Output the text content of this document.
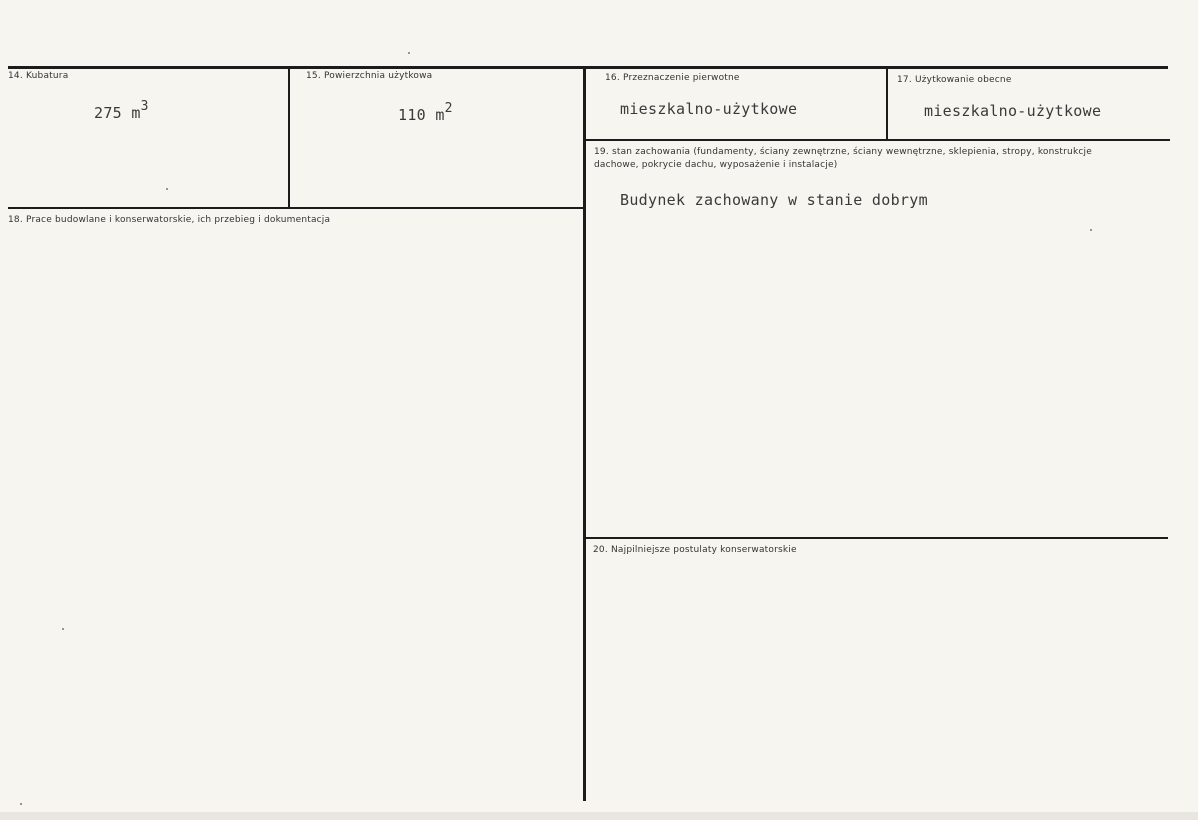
14. Kubatura
275 $m^3$
15. Powierzchnia użytkowa
110 $m^2$
16. Przeznaczenie pierwotne
mieszkalno-użytkowe
17. Użytkowanie obecne
mieszkalno-użytkowe
18. Prace budowlane i konserwatorskie, ich przebieg i dokumentacja
19. stan zachowania (fundamenty, ściany zewnętrzne, ściany wewnętrzne, sklepienia, stropy, konstrukcje dachowe, pokrycie dachu, wyposażenie i instalacje)
Budynek zachowany w stanie dobrym
20. Najpilniejsze postulaty konserwatorskie
